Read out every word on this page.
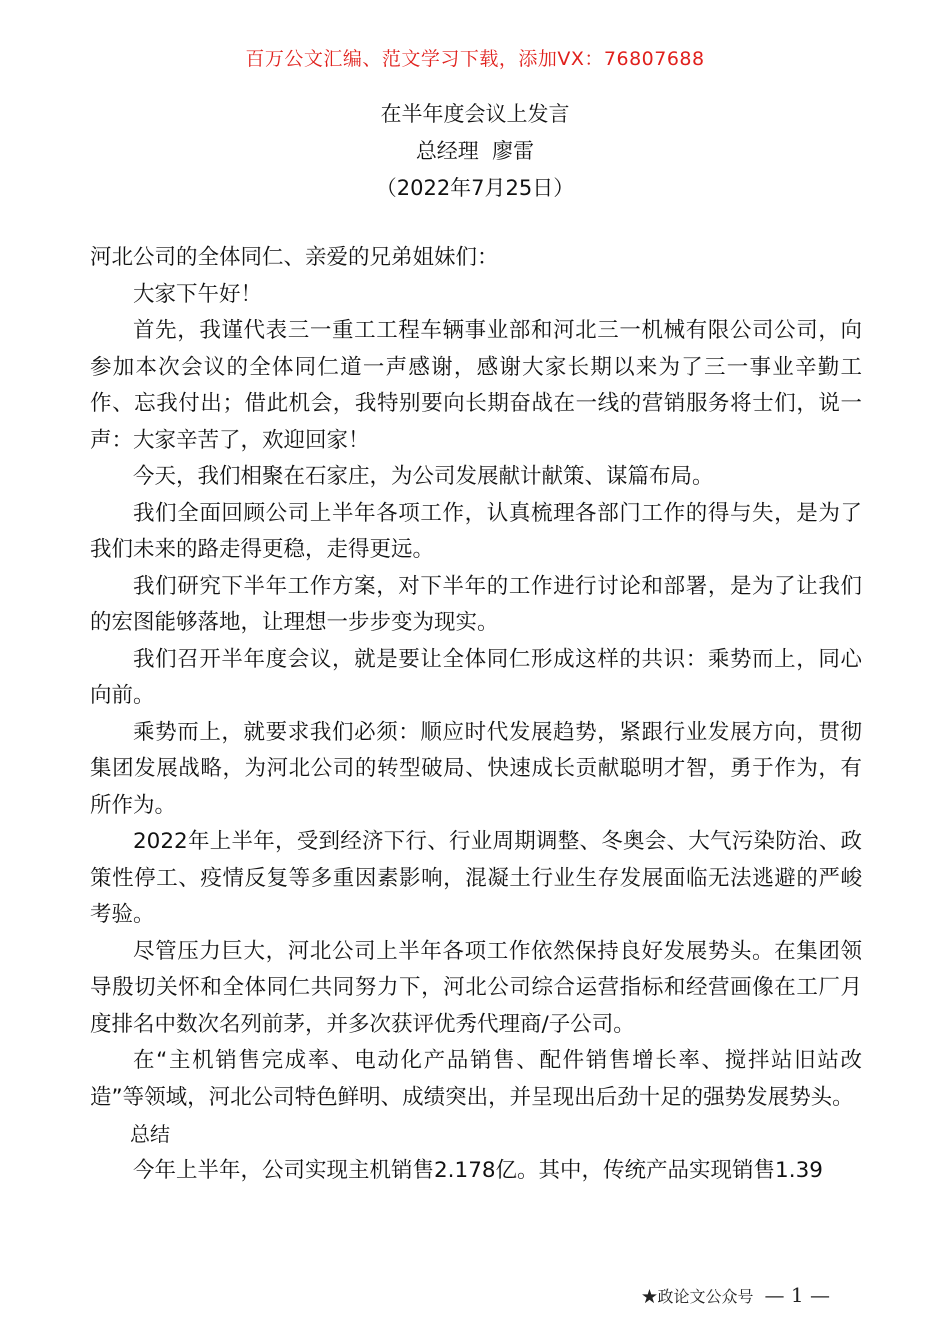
百万公文汇编、范文学习下载，添加VX：76807688
在半年度会议上发言
总经理  廖雷
（2022年7月25日）

河北公司的全体同仁、亲爱的兄弟姐妹们：

大家下午好！

首先，我谨代表三一重工工程车辆事业部和河北三一机械有限公司公司，向参加本次会议的全体同仁道一声感谢，感谢大家长期以来为了三一事业辛勤工作、忘我付出；借此机会，我特别要向长期奋战在一线的营销服务将士们，说一声：大家辛苦了，欢迎回家！

今天，我们相聚在石家庄，为公司发展献计献策、谋篇布局。

我们全面回顾公司上半年各项工作，认真梳理各部门工作的得与失，是为了我们未来的路走得更稳，走得更远。

我们研究下半年工作方案，对下半年的工作进行讨论和部署，是为了让我们的宏图能够落地，让理想一步步变为现实。

我们召开半年度会议，就是要让全体同仁形成这样的共识：乘势而上，同心向前。

乘势而上，就要求我们必须：顺应时代发展趋势，紧跟行业发展方向，贯彻集团发展战略，为河北公司的转型破局、快速成长贡献聪明才智，勇于作为，有所作为。

2022年上半年，受到经济下行、行业周期调整、冬奥会、大气污染防治、政策性停工、疫情反复等多重因素影响，混凝土行业生存发展面临无法逃避的严峻考验。

尽管压力巨大，河北公司上半年各项工作依然保持良好发展势头。在集团领导殷切关怀和全体同仁共同努力下，河北公司综合运营指标和经营画像在工厂月度排名中数次名列前茅，并多次获评优秀代理商/子公司。

在“主机销售完成率、电动化产品销售、配件销售增长率、搅拌站旧站改造”等领域，河北公司特色鲜明、成绩突出，并呈现出后劲十足的强势发展势头。

总结

今年上半年，公司实现主机销售2.178亿。其中，传统产品实现销售1.39

★政论文公众号 — 1 —
